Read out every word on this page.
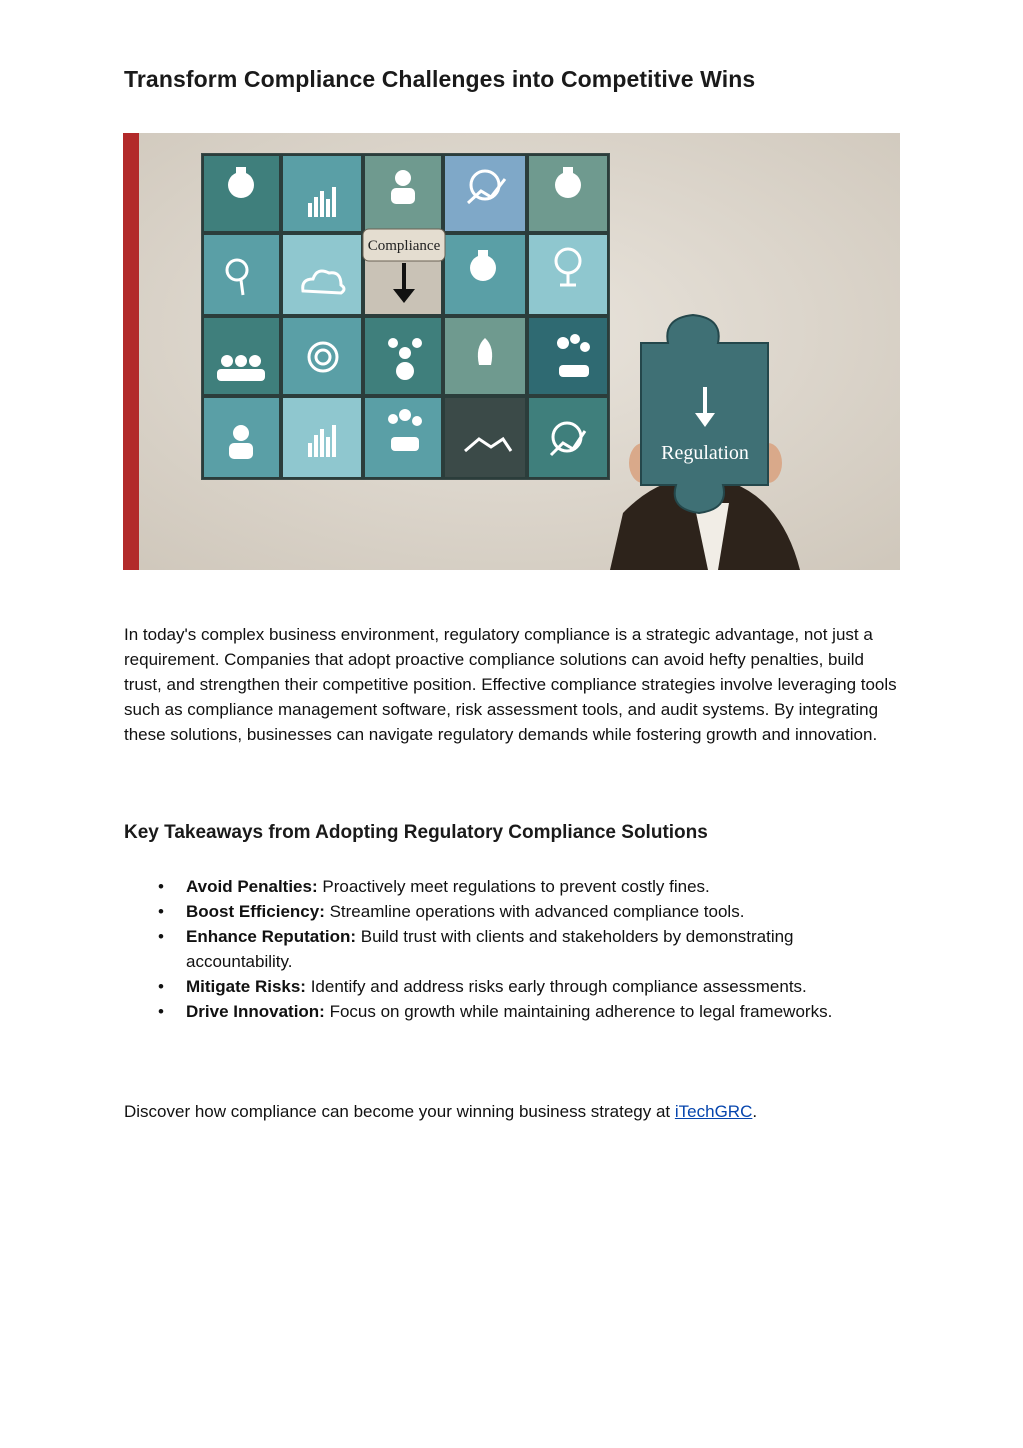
Transform Compliance Challenges into Competitive Wins
Compliance
Regulation

In today's complex business environment, regulatory compliance is a strategic advantage, not just a requirement. Companies that adopt proactive compliance solutions can avoid hefty penalties, build trust, and strengthen their competitive position. Effective compliance strategies involve leveraging tools such as compliance management software, risk assessment tools, and audit systems. By integrating these solutions, businesses can navigate regulatory demands while fostering growth and innovation.

Key Takeaways from Adopting Regulatory Compliance Solutions
• Avoid Penalties: Proactively meet regulations to prevent costly fines.
• Boost Efficiency: Streamline operations with advanced compliance tools.
• Enhance Reputation: Build trust with clients and stakeholders by demonstrating accountability.
• Mitigate Risks: Identify and address risks early through compliance assessments.
• Drive Innovation: Focus on growth while maintaining adherence to legal frameworks.

Discover how compliance can become your winning business strategy at iTechGRC.
